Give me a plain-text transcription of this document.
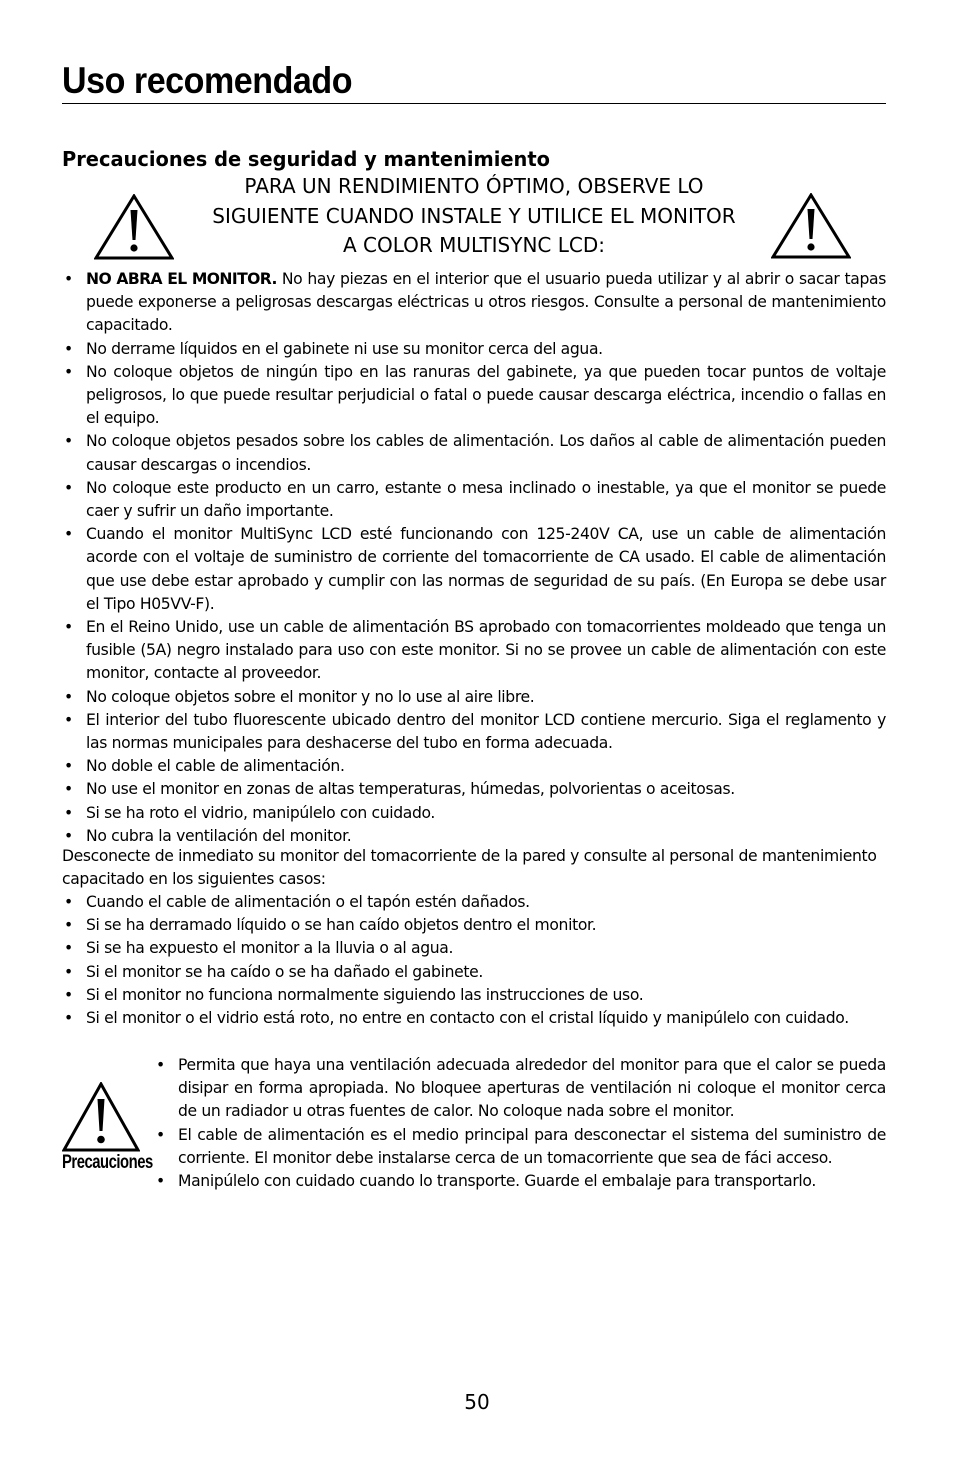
Uso recomendado
Precauciones de seguridad y mantenimiento
PARA UN RENDIMIENTO ÓPTIMO, OBSERVE LO
SIGUIENTE CUANDO INSTALE Y UTILICE EL MONITOR
A COLOR MULTISYNC LCD:
• NO ABRA EL MONITOR. No hay piezas en el interior que el usuario pueda utilizar y al abrir o sacar tapas puede exponerse a peligrosas descargas eléctricas u otros riesgos. Consulte a personal de mantenimiento capacitado.
• No derrame líquidos en el gabinete ni use su monitor cerca del agua.
• No coloque objetos de ningún tipo en las ranuras del gabinete, ya que pueden tocar puntos de voltaje peligrosos, lo que puede resultar perjudicial o fatal o puede causar descarga eléctrica, incendio o fallas en el equipo.
• No coloque objetos pesados sobre los cables de alimentación. Los daños al cable de alimentación pueden causar descargas o incendios.
• No coloque este producto en un carro, estante o mesa inclinado o inestable, ya que el monitor se puede caer y sufrir un daño importante.
• Cuando el monitor MultiSync LCD esté funcionando con 125-240V CA, use un cable de alimentación acorde con el voltaje de suministro de corriente del tomacorriente de CA usado. El cable de alimentación que use debe estar aprobado y cumplir con las normas de seguridad de su país. (En Europa se debe usar el Tipo H05VV-F).
• En el Reino Unido, use un cable de alimentación BS aprobado con tomacorrientes moldeado que tenga un fusible (5A) negro instalado para uso con este monitor. Si no se provee un cable de alimentación con este monitor, contacte al proveedor.
• No coloque objetos sobre el monitor y no lo use al aire libre.
• El interior del tubo fluorescente ubicado dentro del monitor LCD contiene mercurio. Siga el reglamento y las normas municipales para deshacerse del tubo en forma adecuada.
• No doble el cable de alimentación.
• No use el monitor en zonas de altas temperaturas, húmedas, polvorientas o aceitosas.
• Si se ha roto el vidrio, manipúlelo con cuidado.
• No cubra la ventilación del monitor.

Desconecte de inmediato su monitor del tomacorriente de la pared y consulte al personal de mantenimiento capacitado en los siguientes casos:

• Cuando el cable de alimentación o el tapón estén dañados.
• Si se ha derramado líquido o se han caído objetos dentro el monitor.
• Si se ha expuesto el monitor a la lluvia o al agua.
• Si el monitor se ha caído o se ha dañado el gabinete.
• Si el monitor no funciona normalmente siguiendo las instrucciones de uso.
• Si el monitor o el vidrio está roto, no entre en contacto con el cristal líquido y manipúlelo con cuidado.
Precauciones
• Permita que haya una ventilación adecuada alrededor del monitor para que el calor se pueda disipar en forma apropiada. No bloquee aperturas de ventilación ni coloque el monitor cerca de un radiador u otras fuentes de calor. No coloque nada sobre el monitor.
• El cable de alimentación es el medio principal para desconectar el sistema del suministro de corriente. El monitor debe instalarse cerca de un tomacorriente que sea de fáci acceso.
• Manipúlelo con cuidado cuando lo transporte. Guarde el embalaje para transportarlo.
50
